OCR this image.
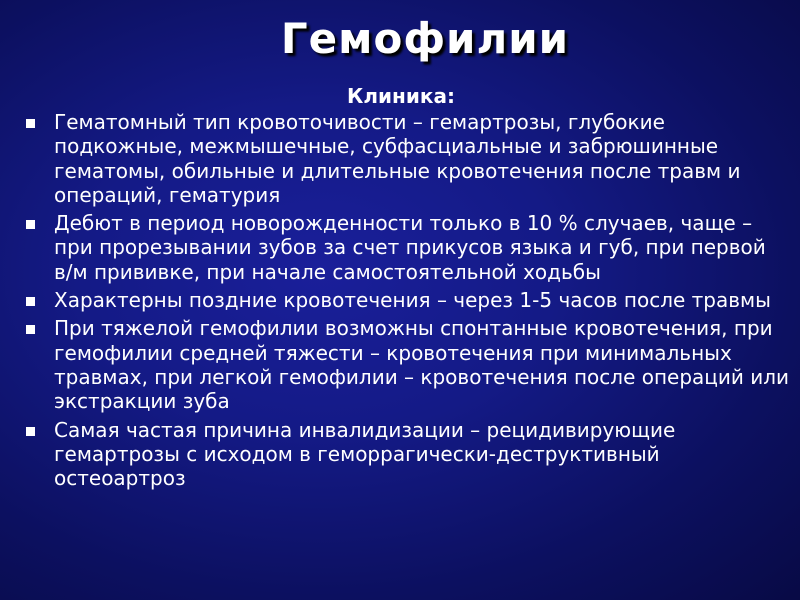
Гемофилии
Клиника:
Гематомный тип кровоточивости – гемартрозы, глубокие подкожные, межмышечные, субфасциальные и забрюшинные гематомы, обильные и длительные кровотечения после травм и операций, гематурия
Дебют в период новорожденности только в 10 % случаев, чаще – при прорезывании зубов за счет прикусов языка и губ, при первой в/м прививке, при начале самостоятельной ходьбы
Характерны поздние кровотечения – через 1-5 часов после травмы
При тяжелой гемофилии возможны спонтанные кровотечения, при гемофилии средней тяжести – кровотечения при минимальных травмах, при легкой гемофилии – кровотечения после операций или экстракции зуба
Самая частая причина инвалидизации – рецидивирующие гемартрозы с исходом в геморрагически-деструктивный остеоартроз
